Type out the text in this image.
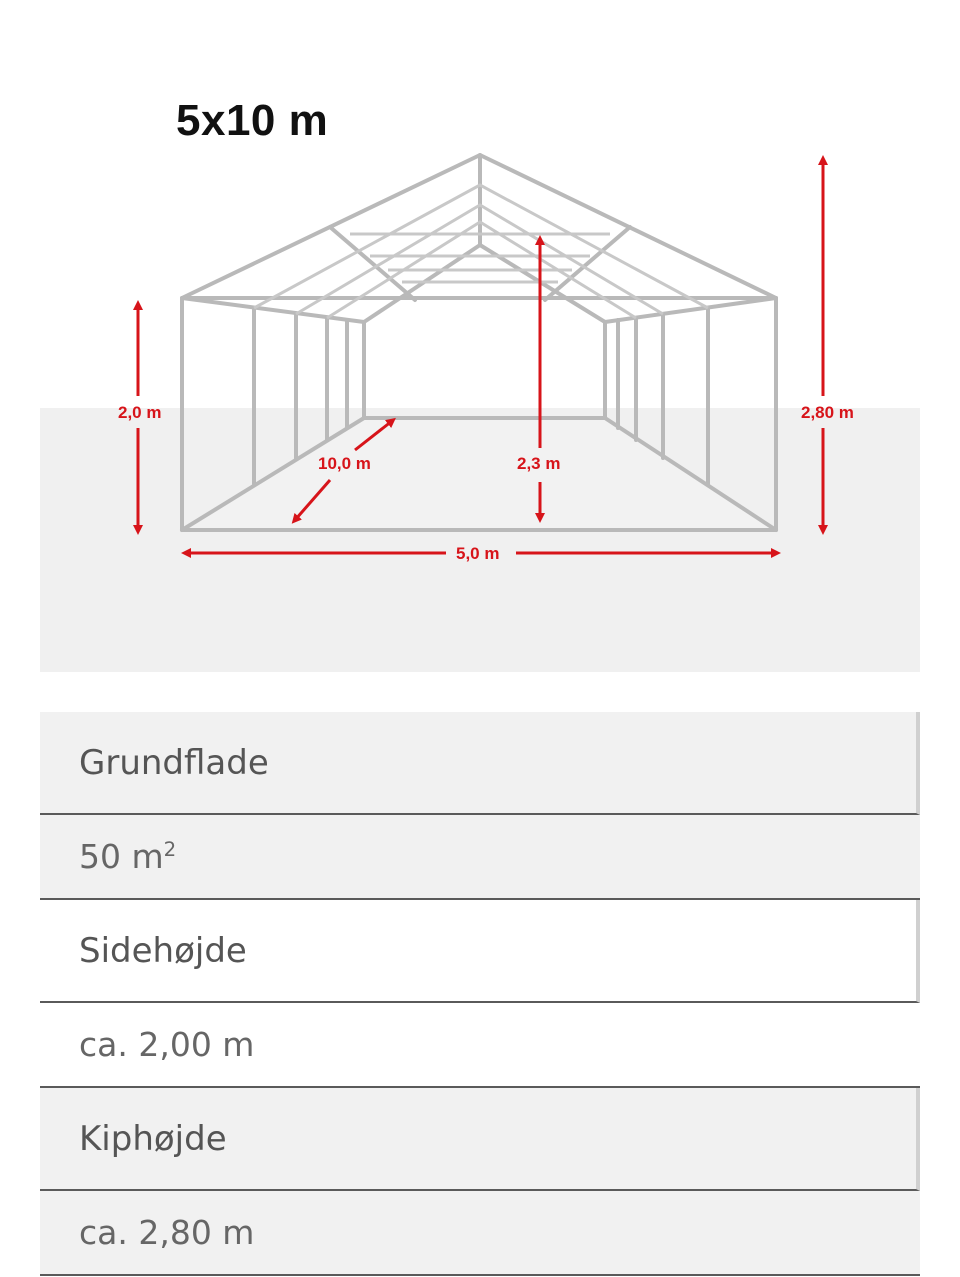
5x10 m
2,0 m	2,80 m
10,0 m	2,3 m
5,0 m
Grundflade
50 $m^2$
Sidehøjde
ca. 2,00 m
Kiphøjde
ca. 2,80 m
